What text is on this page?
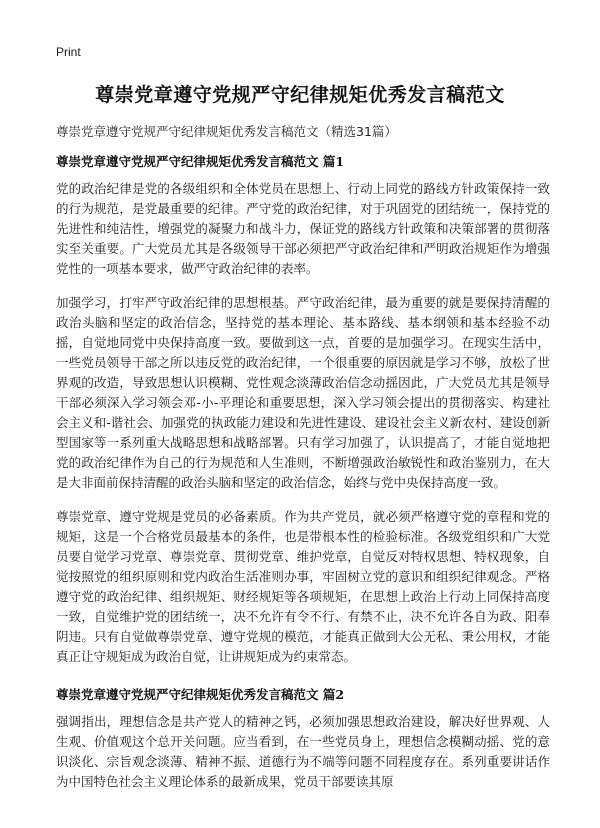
Print
尊崇党章遵守党规严守纪律规矩优秀发言稿范文
尊崇党章遵守党规严守纪律规矩优秀发言稿范文（精选31篇）
尊崇党章遵守党规严守纪律规矩优秀发言稿范文 篇1

党的政治纪律是党的各级组织和全体党员在思想上、行动上同党的路线方针政策保持一致的行为规范，是党最重要的纪律。严守党的政治纪律，对于巩固党的团结统一，保持党的先进性和纯洁性，增强党的凝聚力和战斗力，保证党的路线方针政策和决策部署的贯彻落实至关重要。广大党员尤其是各级领导干部必须把严守政治纪律和严明政治规矩作为增强党性的一项基本要求，做严守政治纪律的表率。

加强学习，打牢严守政治纪律的思想根基。严守政治纪律，最为重要的就是要保持清醒的政治头脑和坚定的政治信念，坚持党的基本理论、基本路线、基本纲领和基本经验不动摇，自觉地同党中央保持高度一致。要做到这一点，首要的是加强学习。在现实生活中，一些党员领导干部之所以违反党的政治纪律，一个很重要的原因就是学习不够，放松了世界观的改造，导致思想认识模糊、党性观念淡薄政治信念动摇因此，广大党员尤其是领导干部必须深入学习领会邓-小-平理论和重要思想，深入学习领会提出的贯彻落实、构建社会主义和-谐社会、加强党的执政能力建设和先进性建设、建设社会主义新农村、建设创新型国家等一系列重大战略思想和战略部署。只有学习加强了，认识提高了，才能自觉地把党的政治纪律作为自己的行为规范和人生准则，不断增强政治敏锐性和政治鉴别力，在大是大非面前保持清醒的政治头脑和坚定的政治信念，始终与党中央保持高度一致。

尊崇党章、遵守党规是党员的必备素质。作为共产党员，就必须严格遵守党的章程和党的规矩，这是一个合格党员最基本的条件，也是带根本性的检验标准。各级党组织和广大党员要自觉学习党章、尊崇党章、贯彻党章、维护党章，自觉反对特权思想、特权现象，自觉按照党的组织原则和党内政治生活准则办事，牢固树立党的意识和组织纪律观念。严格遵守党的政治纪律、组织规矩、财经规矩等各项规矩，在思想上政治上行动上同保持高度一致，自觉维护党的团结统一，决不允许有令不行、有禁不止，决不允许各自为政、阳奉阴违。只有自觉做尊崇党章、遵守党规的模范，才能真正做到大公无私、秉公用权，才能真正让守规矩成为政治自觉，让讲规矩成为约束常态。

尊崇党章遵守党规严守纪律规矩优秀发言稿范文 篇2

强调指出，理想信念是共产党人的精神之钙，必须加强思想政治建设，解决好世界观、人生观、价值观这个总开关问题。应当看到，在一些党员身上，理想信念模糊动摇、党的意识淡化、宗旨观念淡薄、精神不振、道德行为不端等问题不同程度存在。系列重要讲话作为中国特色社会主义理论体系的最新成果，党员干部要读其原
